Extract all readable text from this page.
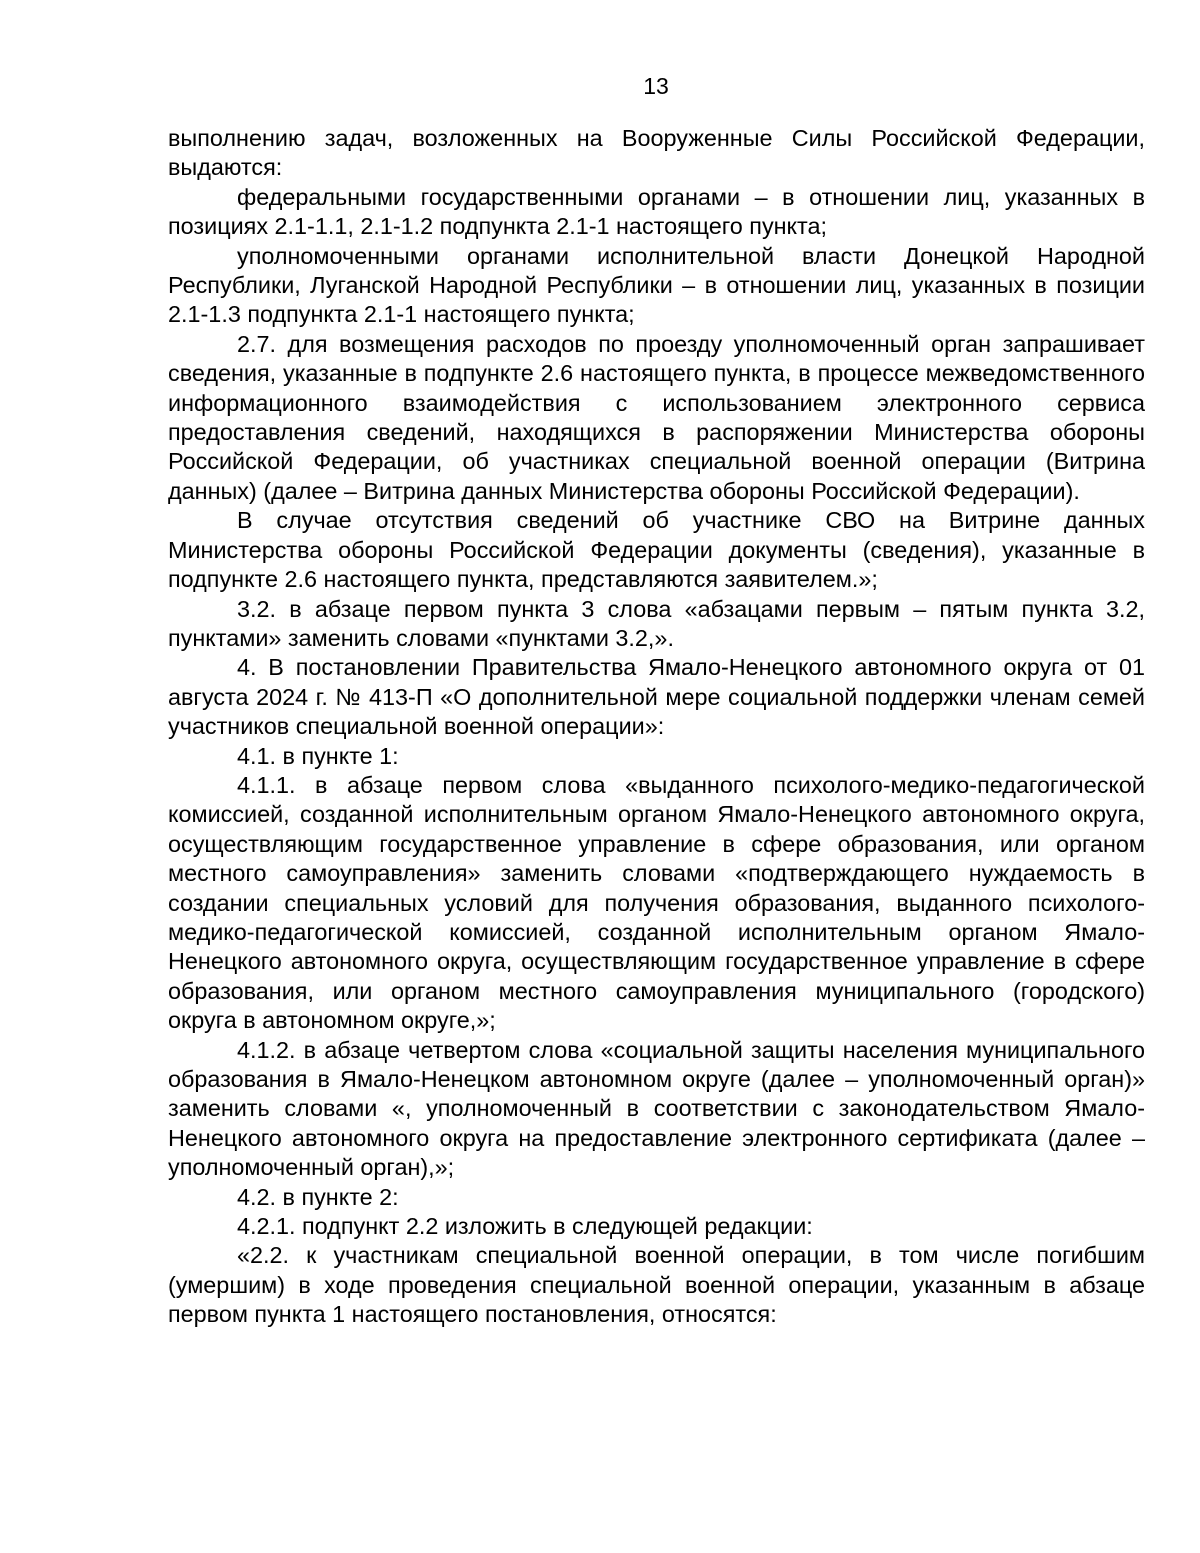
13

выполнению задач, возложенных на Вооруженные Силы Российской Федерации, выдаются:

федеральными государственными органами – в отношении лиц, указанных в позициях 2.1-1.1, 2.1-1.2 подпункта 2.1-1 настоящего пункта;

уполномоченными органами исполнительной власти Донецкой Народной Республики, Луганской Народной Республики – в отношении лиц, указанных в позиции 2.1-1.3 подпункта 2.1-1 настоящего пункта;

2.7. для возмещения расходов по проезду уполномоченный орган запрашивает сведения, указанные в подпункте 2.6 настоящего пункта, в процессе межведомственного информационного взаимодействия с использованием электронного сервиса предоставления сведений, находящихся в распоряжении Министерства обороны Российской Федерации, об участниках специальной военной операции (Витрина данных) (далее – Витрина данных Министерства обороны Российской Федерации).

В случае отсутствия сведений об участнике СВО на Витрине данных Министерства обороны Российской Федерации документы (сведения), указанные в подпункте 2.6 настоящего пункта, представляются заявителем.»;

3.2. в абзаце первом пункта 3 слова «абзацами первым – пятым пункта 3.2, пунктами» заменить словами «пунктами 3.2,».

4. В постановлении Правительства Ямало-Ненецкого автономного округа от 01 августа 2024 г. № 413-П «О дополнительной мере социальной поддержки членам семей участников специальной военной операции»:

4.1. в пункте 1:

4.1.1. в абзаце первом слова «выданного психолого-медико-педагогической комиссией, созданной исполнительным органом Ямало-Ненецкого автономного округа, осуществляющим государственное управление в сфере образования, или органом местного самоуправления» заменить словами «подтверждающего нуждаемость в создании специальных условий для получения образования, выданного психолого-медико-педагогической комиссией, созданной исполнительным органом Ямало-Ненецкого автономного округа, осуществляющим государственное управление в сфере образования, или органом местного самоуправления муниципального (городского) округа в автономном округе,»;

4.1.2. в абзаце четвертом слова «социальной защиты населения муниципального образования в Ямало-Ненецком автономном округе (далее – уполномоченный орган)» заменить словами «, уполномоченный в соответствии с законодательством Ямало-Ненецкого автономного округа на предоставление электронного сертификата (далее – уполномоченный орган),»;

4.2. в пункте 2:

4.2.1. подпункт 2.2 изложить в следующей редакции:

«2.2. к участникам специальной военной операции, в том числе погибшим (умершим) в ходе проведения специальной военной операции, указанным в абзаце первом пункта 1 настоящего постановления, относятся:
